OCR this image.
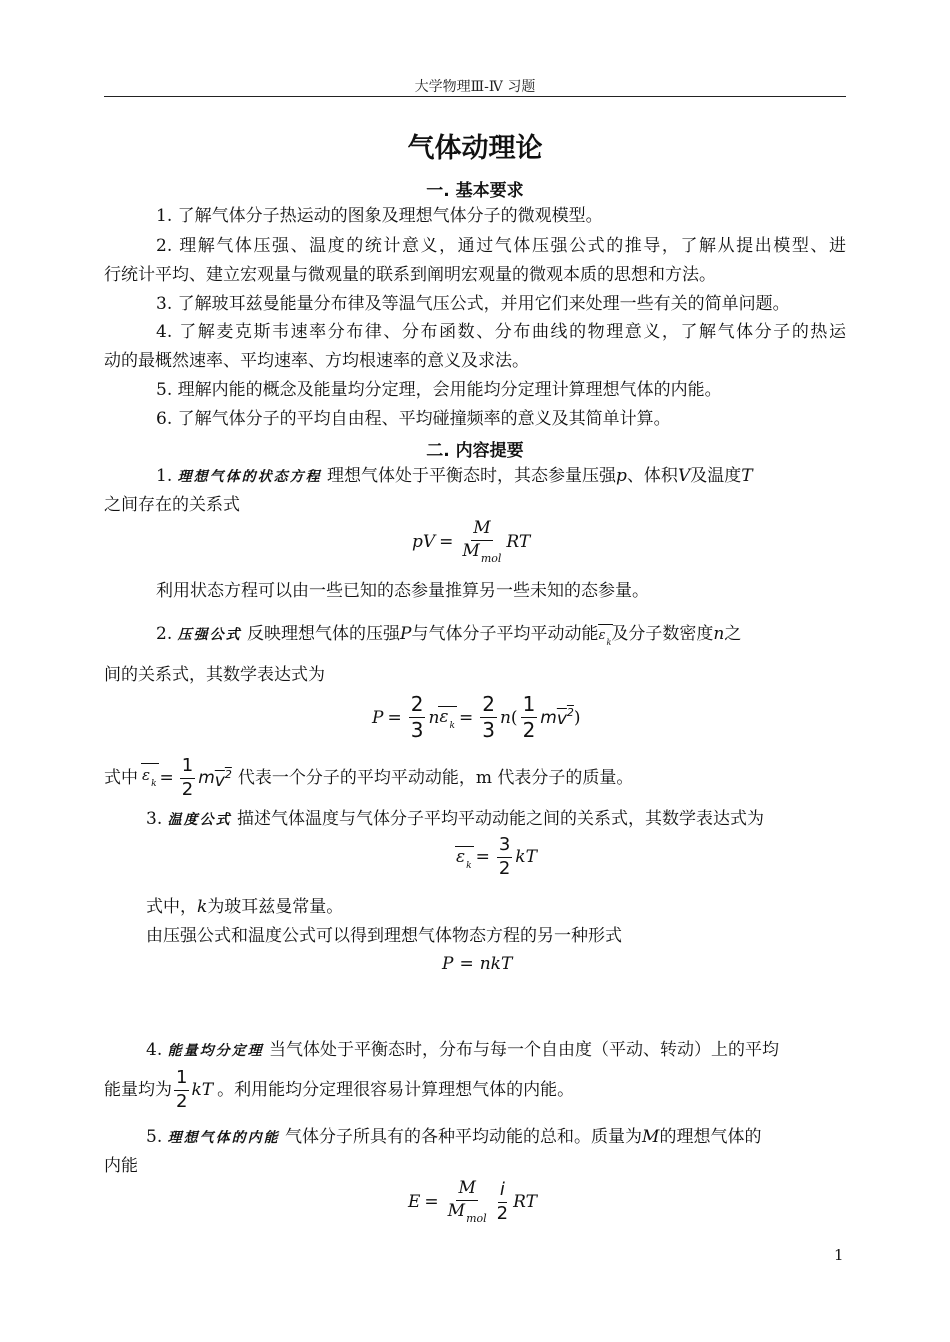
大学物理Ⅲ-Ⅳ 习题
气体动理论
一. 基本要求
1. 了解气体分子热运动的图象及理想气体分子的微观模型。
2. 理解气体压强、温度的统计意义，通过气体压强公式的推导，了解从提出模型、进
行统计平均、建立宏观量与微观量的联系到阐明宏观量的微观本质的思想和方法。
3. 了解玻耳兹曼能量分布律及等温气压公式，并用它们来处理一些有关的简单问题。
4. 了解麦克斯韦速率分布律、分布函数、分布曲线的物理意义，了解气体分子的热运
动的最概然速率、平均速率、方均根速率的意义及求法。
5. 理解内能的概念及能量均分定理，会用能均分定理计算理想气体的内能。
6. 了解气体分子的平均自由程、平均碰撞频率的意义及其简单计算。
二. 内容提要
1. 理想气体的状态方程 理想气体处于平衡态时，其态参量压强p、体积V及温度T
之间存在的关系式
pV = $\frac{M}{M_{mol}}$ RT
利用状态方程可以由一些已知的态参量推算另一些未知的态参量。
2. 压强公式 反映理想气体的压强P与气体分子平均平动动能$\varepsilon_k$及分子数密度n之
间的关系式，其数学表达式为
$P = \frac{2}{3}$ n $\varepsilon_k = \frac{2}{3}$ n ( $\frac{1}{2}$ m $v^2$ )
式中 $\varepsilon_k = \frac{1}{2}$ m $v^2$ 代表一个分子的平均平动动能，m 代表分子的质量。
3. 温度公式 描述气体温度与气体分子平均平动动能之间的关系式，其数学表达式为
$\varepsilon_k = \frac{3}{2}$ kT
式中，k为玻耳兹曼常量。
由压强公式和温度公式可以得到理想气体物态方程的另一种形式
P = nkT
4. 能量均分定理 当气体处于平衡态时，分布与每一个自由度（平动、转动）上的平均
能量均为 $\frac{1}{2}$ kT 。利用能均分定理很容易计算理想气体的内能。
5. 理想气体的内能 气体分子所具有的各种平均动能的总和。质量为M的理想气体的
内能
$E = \frac{M}{M_{mol}} \frac{i}{2}$ RT
1
